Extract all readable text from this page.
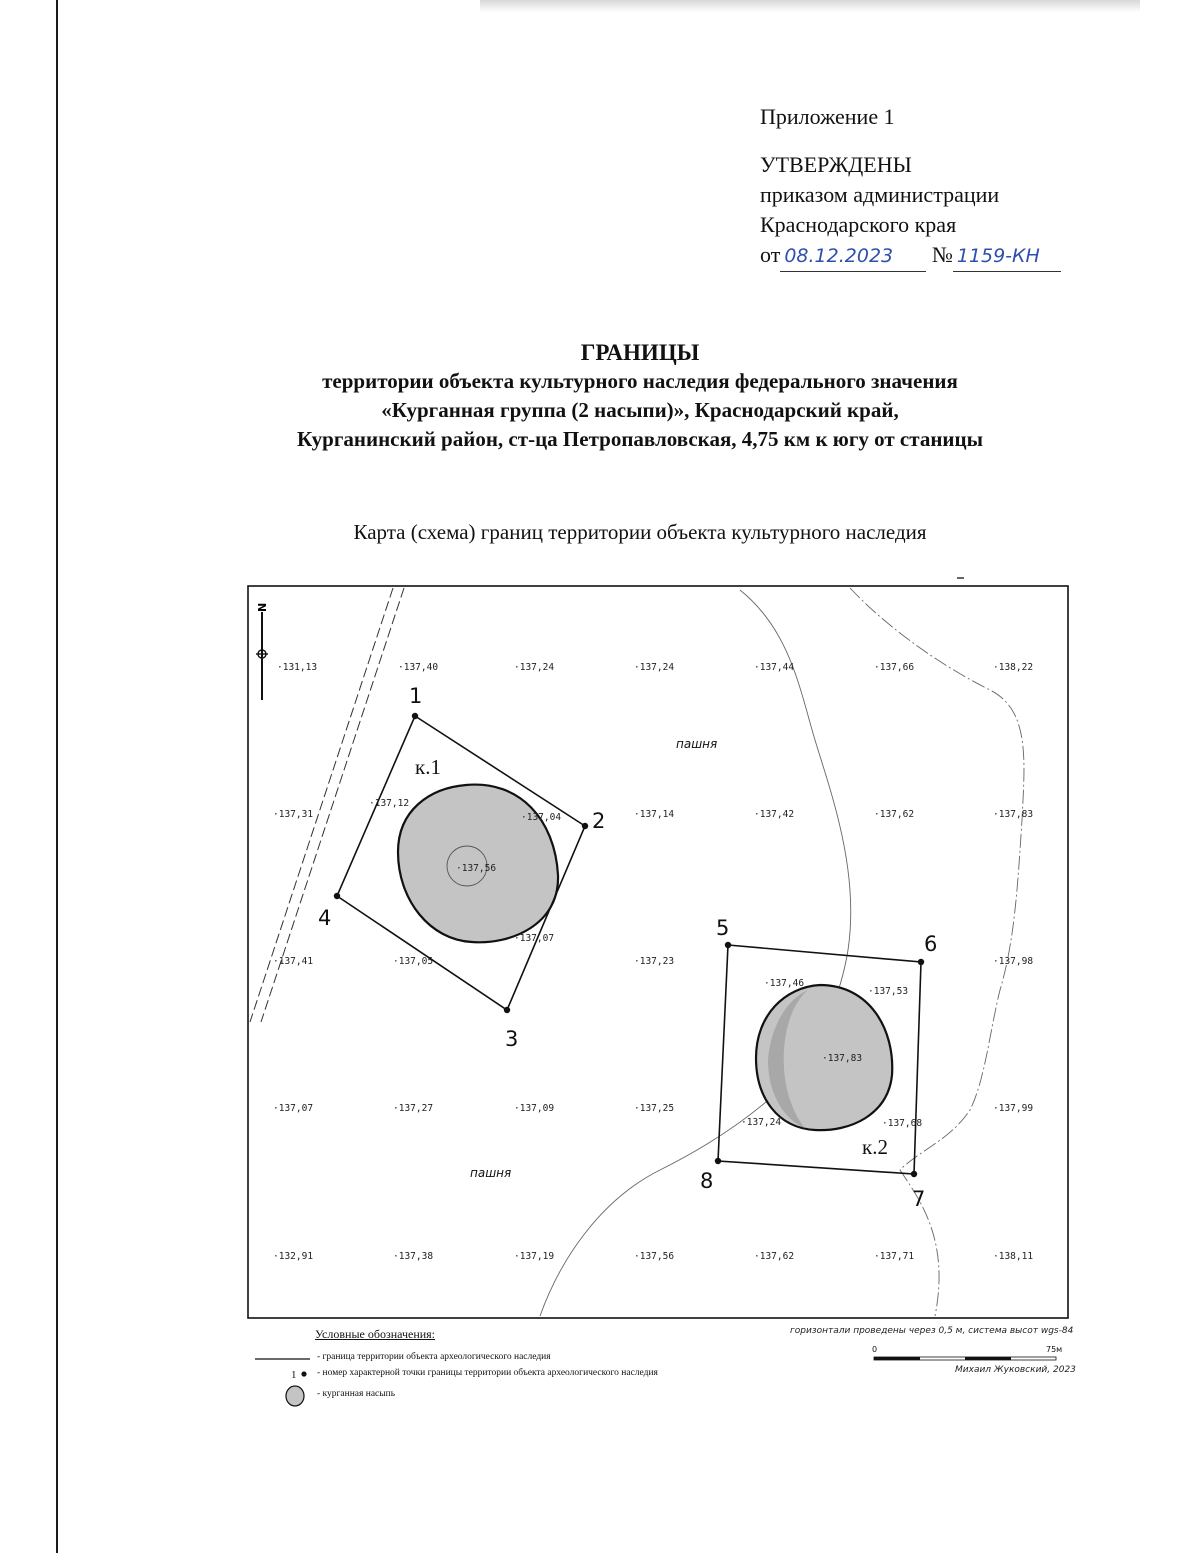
Приложение 1
УТВЕРЖДЕНЫ
приказом администрации
Краснодарского края
от 08.12.2023 № 1159-КН
ГРАНИЦЫ
территории объекта культурного наследия федерального значения
«Курганная группа (2 насыпи)», Краснодарский край,
Курганинский район, ст-ца Петропавловская, 4,75 км к югу от станицы
Карта (схема) границ территории объекта культурного наследия
N
1
2
3
4	5
6
7
8
к.1
к.2
пашня
пашня
·131,13	·137,40	·137,24	·137,24	·137,44	·137,66	·138,22
·137,31
·137,12
·137,04	·137,14	·137,42	·137,62	·137,83
·137,41	·137,05
·137,07
·137,23	·137,98
·137,07	·137,27	·137,09	·137,25	·137,99
·132,91	·137,38	·137,19	·137,56	·137,62	·137,71	·138,11
·137,56
·137,83
·137,46
·137,53
·137,24	·137,68
1
0	75м
Условные обозначения:
- граница территории объекта археологического наследия
- номер характерной точки границы территории объекта археологического наследия
- курганная насыпь
горизонтали проведены через 0,5 м, система высот wgs-84
Михаил Жуковский, 2023
